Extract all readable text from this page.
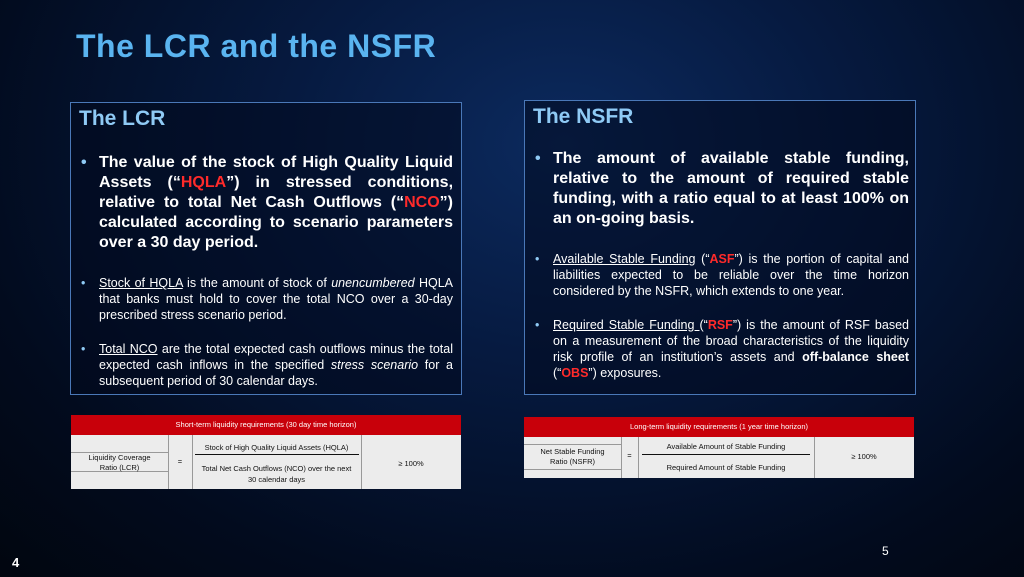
The LCR and the NSFR
The LCR
• The value of the stock of High Quality Liquid Assets (“HQLA”) in stressed conditions, relative to total Net Cash Outflows (“NCO”) calculated according to scenario parameters over a 30 day period.
• Stock of HQLA is the amount of stock of unencumbered HQLA that banks must hold to cover the total NCO over a 30-day prescribed stress scenario period.
• Total NCO are the total expected cash outflows minus the total expected cash inflows in the specified stress scenario for a subsequent period of 30 calendar days.
The NSFR
• The amount of available stable funding, relative to the amount of required stable funding, with a ratio equal to at least 100% on an on-going basis.
• Available Stable Funding (“ASF”) is the portion of capital and liabilities expected to be reliable over the time horizon considered by the NSFR, which extends to one year.
• Required Stable Funding (“RSF”) is the amount of RSF based on a measurement of the broad characteristics of the liquidity risk profile of an institution’s assets and off-balance sheet (“OBS”) exposures.
Short-term liquidity requirements (30 day time horizon)
Liquidity Coverage
Ratio (LCR)
=
Stock of High Quality Liquid Assets (HQLA)
Total Net Cash Outflows (NCO) over the next
30 calendar days
≥ 100%
Long-term liquidity requirements (1 year time horizon)
Net Stable Funding
Ratio (NSFR)
=
Available Amount of Stable Funding
Required Amount of Stable Funding
≥ 100%
4
5
